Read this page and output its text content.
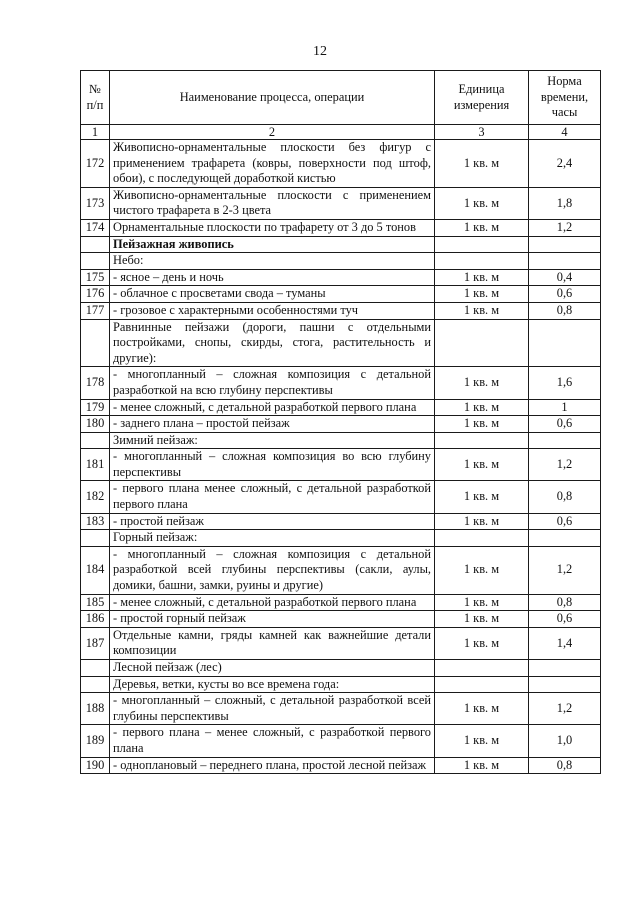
12
№ п/п	Наименование процесса, операции	Единица измерения	Норма времени, часы
1	2	3	4
172	Живописно-орнаментальные плоскости без фигур с применением трафарета (ковры, поверхности под штоф, обои), с последующей доработкой кистью	1 кв. м	2,4
173	Живописно-орнаментальные плоскости с применением чистого трафарета в 2-3 цвета	1 кв. м	1,8
174	Орнаментальные плоскости по трафарету от 3 до 5 тонов	1 кв. м	1,2
	Пейзажная живопись		
	Небо:		
175	- ясное – день и ночь	1 кв. м	0,4
176	- облачное с просветами свода – туманы	1 кв. м	0,6
177	- грозовое с характерными особенностями туч	1 кв. м	0,8
	Равнинные пейзажи (дороги, пашни с отдельными постройками, снопы, скирды, стога, растительность и другие):		
178	- многопланный – сложная композиция с детальной разработкой на всю глубину перспективы	1 кв. м	1,6
179	- менее сложный, с детальной разработкой первого плана	1 кв. м	1
180	- заднего плана – простой пейзаж	1 кв. м	0,6
	Зимний пейзаж:		
181	- многопланный – сложная композиция во всю глубину перспективы	1 кв. м	1,2
182	- первого плана менее сложный, с детальной разработкой первого плана	1 кв. м	0,8
183	- простой пейзаж	1 кв. м	0,6
	Горный пейзаж:		
184	- многопланный – сложная композиция с детальной разработкой всей глубины перспективы (сакли, аулы, домики, башни, замки, руины и другие)	1 кв. м	1,2
185	- менее сложный, с детальной разработкой первого плана	1 кв. м	0,8
186	- простой горный пейзаж	1 кв. м	0,6
187	Отдельные камни, гряды камней как важнейшие детали композиции	1 кв. м	1,4
	Лесной пейзаж (лес)		
	Деревья, ветки, кусты во все времена года:		
188	- многопланный – сложный, с детальной разработкой всей глубины перспективы	1 кв. м	1,2
189	- первого плана – менее сложный, с разработкой первого плана	1 кв. м	1,0
190	- одноплановый – переднего плана, простой лесной пейзаж	1 кв. м	0,8
